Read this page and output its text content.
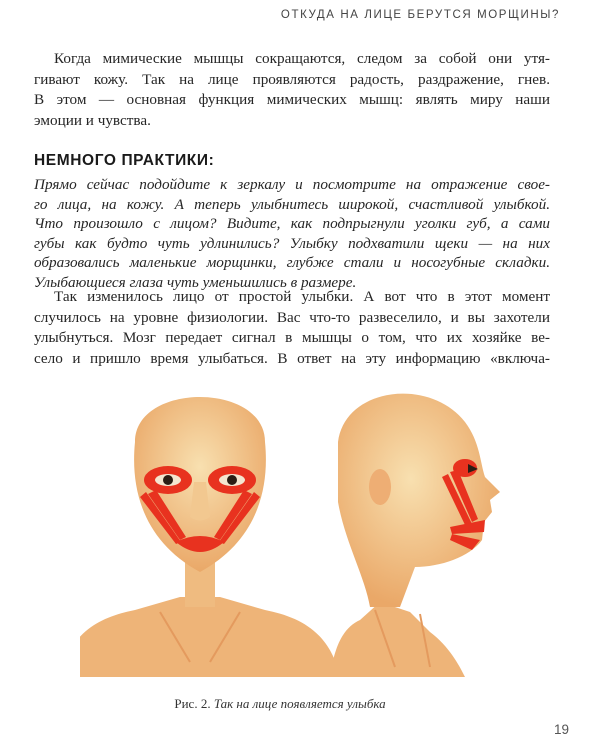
ОТКУДА НА ЛИЦЕ БЕРУТСЯ МОРЩИНЫ?

Когда мимические мышцы сокращаются, следом за собой они утя-
гивают кожу. Так на лице проявляются радость, раздражение, гнев.
В этом — основная функция мимических мышц: являть миру наши
эмоции и чувства.

НЕМНОГО ПРАКТИКИ:

Прямо сейчас подойдите к зеркалу и посмотрите на отражение свое-
го лица, на кожу. А теперь улыбнитесь широкой, счастливой улыбкой.
Что произошло с лицом? Видите, как подпрыгнули уголки губ, а сами
губы как будто чуть удлинились? Улыбку подхватили щеки — на них
образовались маленькие морщинки, глубже стали и носогубные складки.
Улыбающиеся глаза чуть уменьшились в размере.

Так изменилось лицо от простой улыбки. А вот что в этот момент
случилось на уровне физиологии. Вас что-то развеселило, и вы захотели
улыбнуться. Мозг передает сигнал в мышцы о том, что их хозяйке ве-
село и пришло время улыбаться. В ответ на эту информацию «включа-

Рис. 2. Так на лице появляется улыбка
19
